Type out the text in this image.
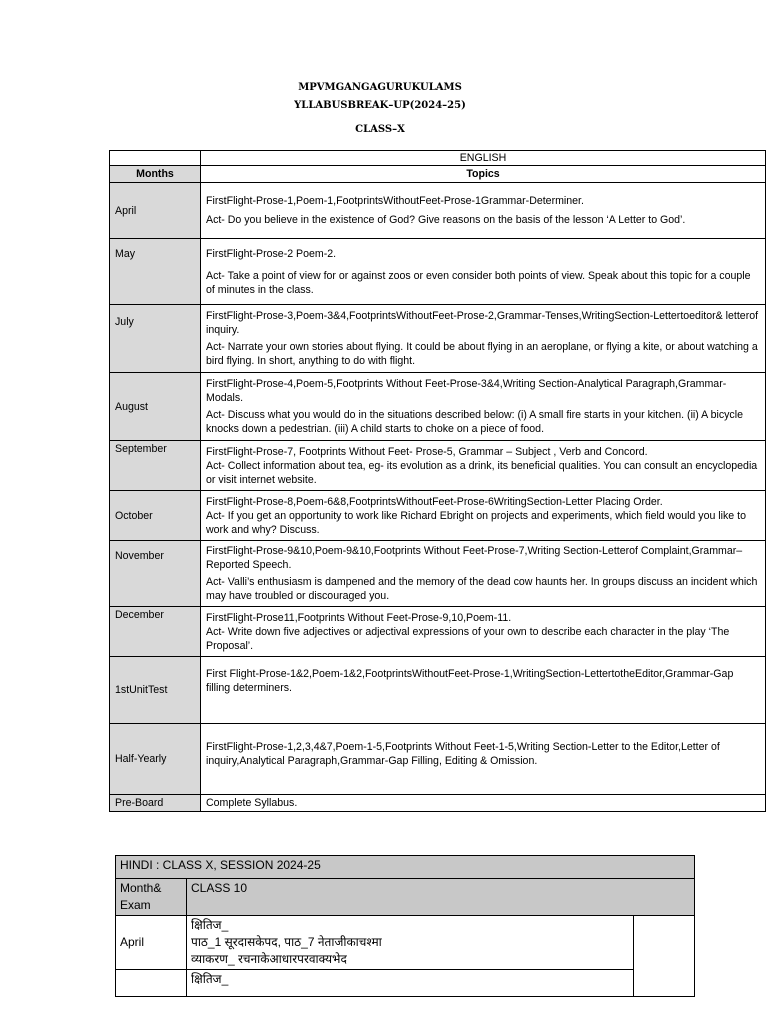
MPVMGANGAGURUKULAMS
YLLABUSBREAK–UP(2024–25)
CLASS–X
	ENGLISH
Months	Topics
April	FirstFlight-Prose-1,Poem-1,FootprintsWithoutFeet-Prose-1Grammar-Determiner.
Act- Do you believe in the existence of God? Give reasons on the basis of the lesson ‘A Letter to God’.

May	FirstFlight-Prose-2 Poem-2.
Act- Take a point of view for or against zoos or even consider both points of view. Speak about this topic for a couple of minutes in the class.

July	FirstFlight-Prose-3,Poem-3&4,FootprintsWithoutFeet-Prose-2,Grammar-Tenses,WritingSection-Lettertoeditor& letterof inquiry.
Act- Narrate your own stories about flying. It could be about flying in an aeroplane, or flying a kite, or about watching a bird flying. In short, anything to do with flight.

August	FirstFlight-Prose-4,Poem-5,Footprints Without Feet-Prose-3&4,Writing Section-Analytical Paragraph,Grammar-Modals.
Act- Discuss what you would do in the situations described below: (i) A small fire starts in your kitchen. (ii) A bicycle knocks down a pedestrian. (iii) A child starts to choke on a piece of food.

September	FirstFlight-Prose-7, Footprints Without Feet- Prose-5, Grammar – Subject , Verb and Concord.
Act- Collect information about tea, eg- its evolution as a drink, its beneficial qualities. You can consult an encyclopedia or visit internet website.

October	FirstFlight-Prose-8,Poem-6&8,FootprintsWithoutFeet-Prose-6WritingSection-Letter Placing Order.
Act- If you get an opportunity to work like Richard Ebright on projects and experiments, which field would you like to work and why? Discuss.

November	FirstFlight-Prose-9&10,Poem-9&10,Footprints Without Feet-Prose-7,Writing Section-Letterof Complaint,Grammar– Reported Speech.
Act- Valli’s enthusiasm is dampened and the memory of the dead cow haunts her. In groups discuss an incident which may have troubled or discouraged you.

December	FirstFlight-Prose11,Footprints Without Feet-Prose-9,10,Poem-11.
Act- Write down five adjectives or adjectival expressions of your own to describe each character in the play ‘The Proposal’.

1stUnitTest	First Flight-Prose-1&2,Poem-1&2,FootprintsWithoutFeet-Prose-1,WritingSection-LettertotheEditor,Grammar-Gap filling determiners.

Half-Yearly	FirstFlight-Prose-1,2,3,4&7,Poem-1-5,Footprints Without Feet-1-5,Writing Section-Letter to the Editor,Letter of inquiry,Analytical Paragraph,Grammar-Gap Filling, Editing & Omission.

Pre-Board	Complete Syllabus.
HINDI : CLASS X, SESSION 2024-25		
Month& Exam	CLASS 10	
April	क्षितिज_
पाठ_1 सूरदासकेपद, पाठ_7 नेताजीकाचश्मा
व्याकरण_ रचनाकेआधारपरवाक्यभेद	

	क्षितिज_	
